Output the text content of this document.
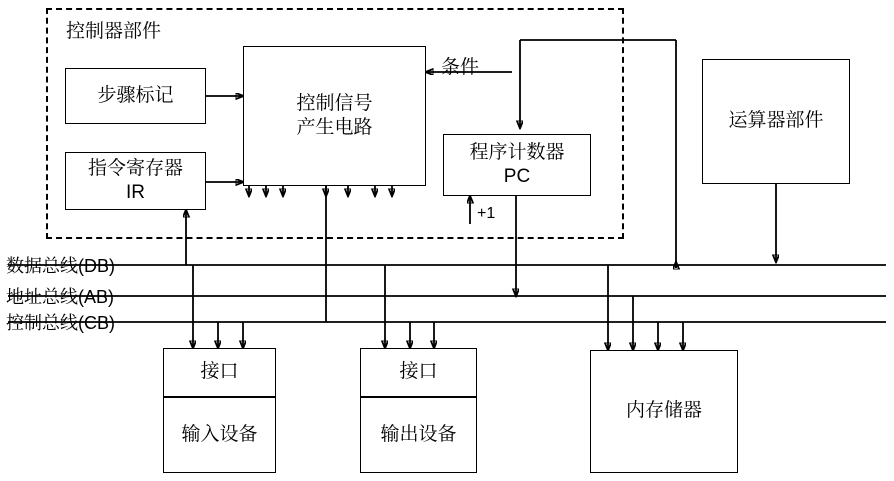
控制器部件
步骤标记	控制信号
产生电路
指令寄存器
IR
程序计数器
PC
运算器部件
接口
输入设备
接口
输出设备
内存储器
条件
+1
数据总线(DB)
地址总线(AB)
控制总线(CB)
